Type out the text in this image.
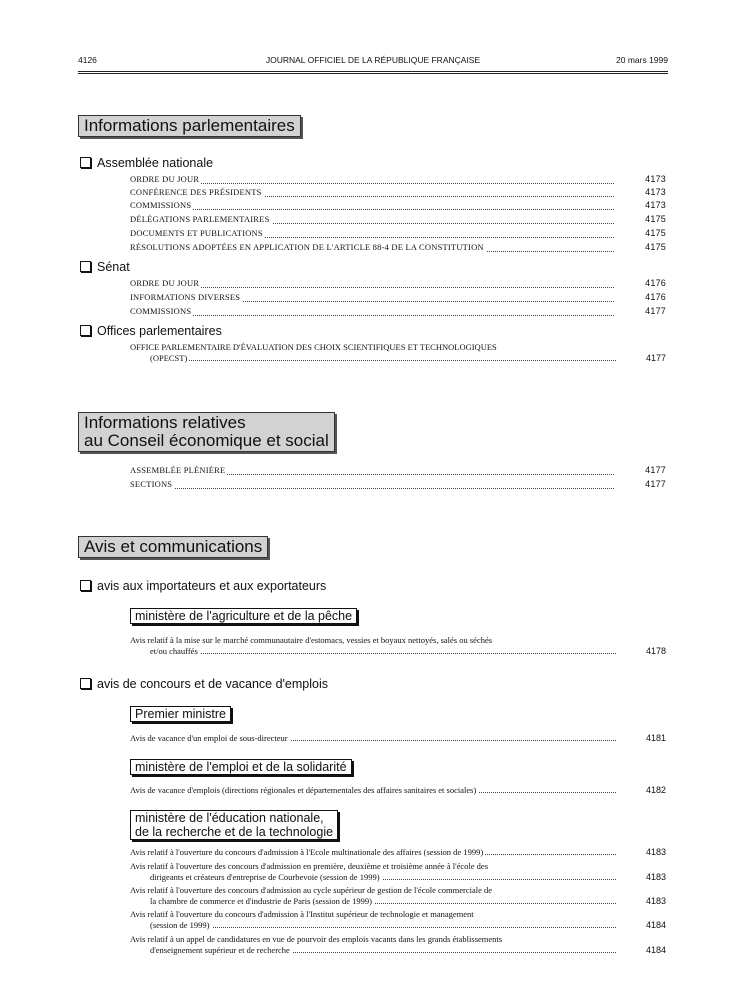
4126	JOURNAL OFFICIEL DE LA RÉPUBLIQUE FRANÇAISE	20 mars 1999
Informations parlementaires
Assemblée nationale
ORDRE DU JOUR	4173
CONFÉRENCE DES PRÉSIDENTS	4173
COMMISSIONS	4173
DÉLÉGATIONS PARLEMENTAIRES	4175
DOCUMENTS ET PUBLICATIONS	4175
RÉSOLUTIONS ADOPTÉES EN APPLICATION DE L'ARTICLE 88-4 DE LA CONSTITUTION	4175
Sénat
ORDRE DU JOUR	4176
INFORMATIONS DIVERSES	4176
COMMISSIONS	4177
Offices parlementaires
OFFICE PARLEMENTAIRE D'ÉVALUATION DES CHOIX SCIENTIFIQUES ET TECHNOLOGIQUES
(OPECST)	4177
Informations relatives
au Conseil économique et social
ASSEMBLÉE PLÉNIÈRE	4177
SECTIONS	4177
Avis et communications
avis aux importateurs et aux exportateurs
ministère de l'agriculture et de la pêche
Avis relatif à la mise sur le marché communautaire d'estomacs, vessies et boyaux nettoyés, salés ou séchés
et/ou chauffés	4178
avis de concours et de vacance d'emplois
Premier ministre
Avis de vacance d'un emploi de sous-directeur	4181
ministère de l'emploi et de la solidarité
Avis de vacance d'emplois (directions régionales et départementales des affaires sanitaires et sociales)	4182
ministère de l'éducation nationale,
de la recherche et de la technologie
Avis relatif à l'ouverture du concours d'admission à l'Ecole multinationale des affaires (session de 1999)	4183
Avis relatif à l'ouverture des concours d'admission en première, deuxième et troisième année à l'école des
dirigeants et créateurs d'entreprise de Courbevoie (session de 1999)	4183
Avis relatif à l'ouverture des concours d'admission au cycle supérieur de gestion de l'école commerciale de
la chambre de commerce et d'industrie de Paris (session de 1999)	4183
Avis relatif à l'ouverture du concours d'admission à l'Institut supérieur de technologie et management
(session de 1999)	4184
Avis relatif à un appel de candidatures en vue de pourvoir des emplois vacants dans les grands établissements
d'enseignement supérieur et de recherche	4184
